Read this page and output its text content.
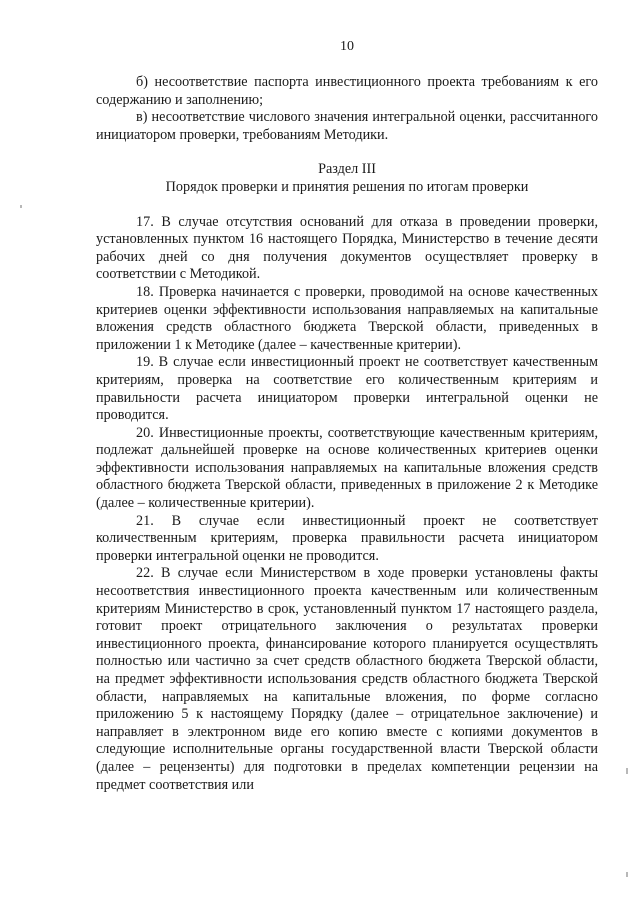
10

б) несоответствие паспорта инвестиционного проекта требованиям к его содержанию и заполнению;

в) несоответствие числового значения интегральной оценки, рассчитанного инициатором проверки, требованиям Методики.

Раздел III

Порядок проверки и принятия решения по итогам проверки

17. В случае отсутствия оснований для отказа в проведении проверки, установленных пунктом 16 настоящего Порядка, Министерство в течение десяти рабочих дней со дня получения документов осуществляет проверку в соответствии с Методикой.

18. Проверка начинается с проверки, проводимой на основе качественных критериев оценки эффективности использования направляемых на капитальные вложения средств областного бюджета Тверской области, приведенных в приложении 1 к Методике (далее – качественные критерии).

19. В случае если инвестиционный проект не соответствует качественным критериям, проверка на соответствие его количественным критериям и правильности расчета инициатором проверки интегральной оценки не проводится.

20. Инвестиционные проекты, соответствующие качественным критериям, подлежат дальнейшей проверке на основе количественных критериев оценки эффективности использования направляемых на капитальные вложения средств областного бюджета Тверской области, приведенных в приложение 2 к Методике (далее – количественные критерии).

21. В случае если инвестиционный проект не соответствует количественным критериям, проверка правильности расчета инициатором проверки интегральной оценки не проводится.

22. В случае если Министерством в ходе проверки установлены факты несоответствия инвестиционного проекта качественным или количественным критериям Министерство в срок, установленный пунктом 17 настоящего раздела, готовит проект отрицательного заключения о результатах проверки инвестиционного проекта, финансирование которого планируется осуществлять полностью или частично за счет средств областного бюджета Тверской области, на предмет эффективности использования средств областного бюджета Тверской области, направляемых на капитальные вложения, по форме согласно приложению 5 к настоящему Порядку (далее – отрицательное заключение) и направляет в электронном виде его копию вместе с копиями документов в следующие исполнительные органы государственной власти Тверской области (далее – рецензенты) для подготовки в пределах компетенции рецензии на предмет соответствия или
